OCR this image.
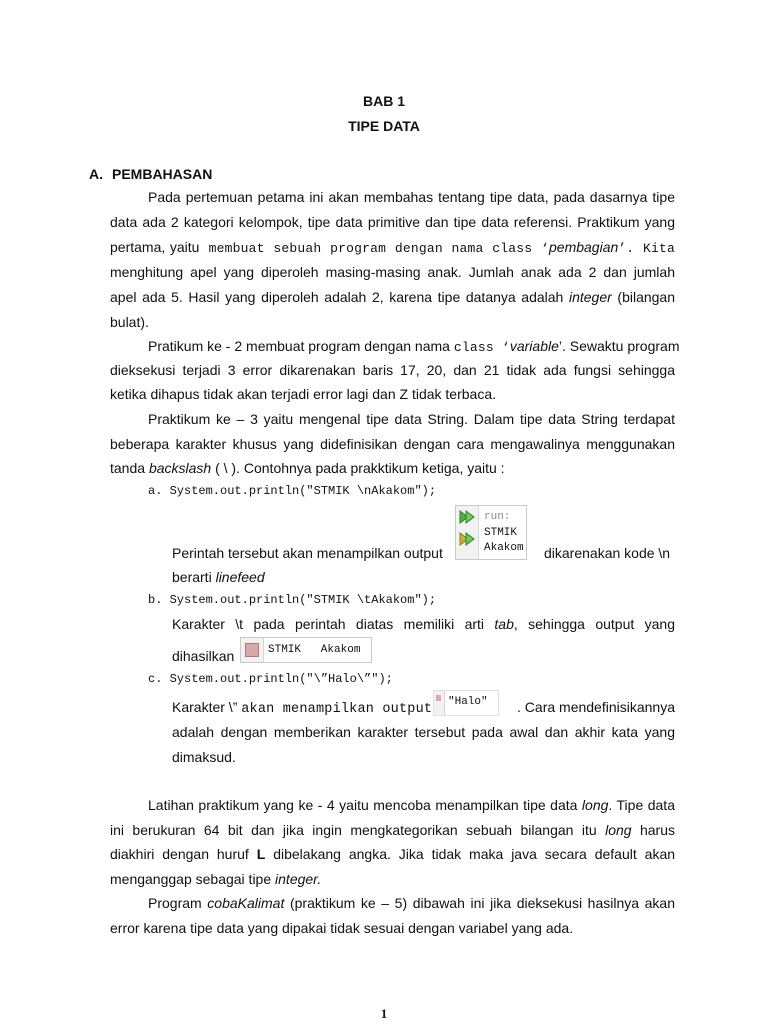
BAB 1
TIPE DATA
A. PEMBAHASAN
Pada pertemuan petama ini akan membahas tentang tipe data, pada dasarnya tipe
data ada 2 kategori kelompok, tipe data primitive dan tipe data referensi. Praktikum yang
pertama, yaitu membuat sebuah program dengan nama class ‘pembagian’. Kita
menghitung apel yang diperoleh masing-masing anak. Jumlah anak ada 2 dan jumlah
apel ada 5. Hasil yang diperoleh adalah 2, karena tipe datanya adalah integer (bilangan
bulat).
Pratikum ke - 2 membuat program dengan nama class ‘variable’. Sewaktu program
dieksekusi terjadi 3 error dikarenakan baris 17, 20, dan 21 tidak ada fungsi sehingga
ketika dihapus tidak akan terjadi error lagi dan Z tidak terbaca.
Praktikum ke – 3 yaitu mengenal tipe data String. Dalam tipe data String terdapat
beberapa karakter khusus yang didefinisikan dengan cara mengawalinya menggunakan
tanda backslash ( \ ). Contohnya pada prakktikum ketiga, yaitu :
a. System.out.println("STMIK \nAkakom");
run:
STMIK
Akakom
Perintah tersebut akan menampilkan output	dikarenakan kode \n
berarti linefeed
b. System.out.println("STMIK \tAkakom");
Karakter \t pada perintah diatas memiliki arti tab, sehingga output yang
dihasilkan	STMIK   Akakom
c. System.out.println("\”Halo\”");
Karakter \” akan menampilkan output "Halo"	. Cara mendefinisikannya
adalah dengan memberikan karakter tersebut pada awal dan akhir kata yang
dimaksud.
Latihan praktikum yang ke - 4 yaitu mencoba menampilkan tipe data long. Tipe data
ini berukuran 64 bit dan jika ingin mengkategorikan sebuah bilangan itu long harus
diakhiri dengan huruf L dibelakang angka. Jika tidak maka java secara default akan
menganggap sebagai tipe integer.
Program cobaKalimat (praktikum ke – 5) dibawah ini jika dieksekusi hasilnya akan
error karena tipe data yang dipakai tidak sesuai dengan variabel yang ada.
1
